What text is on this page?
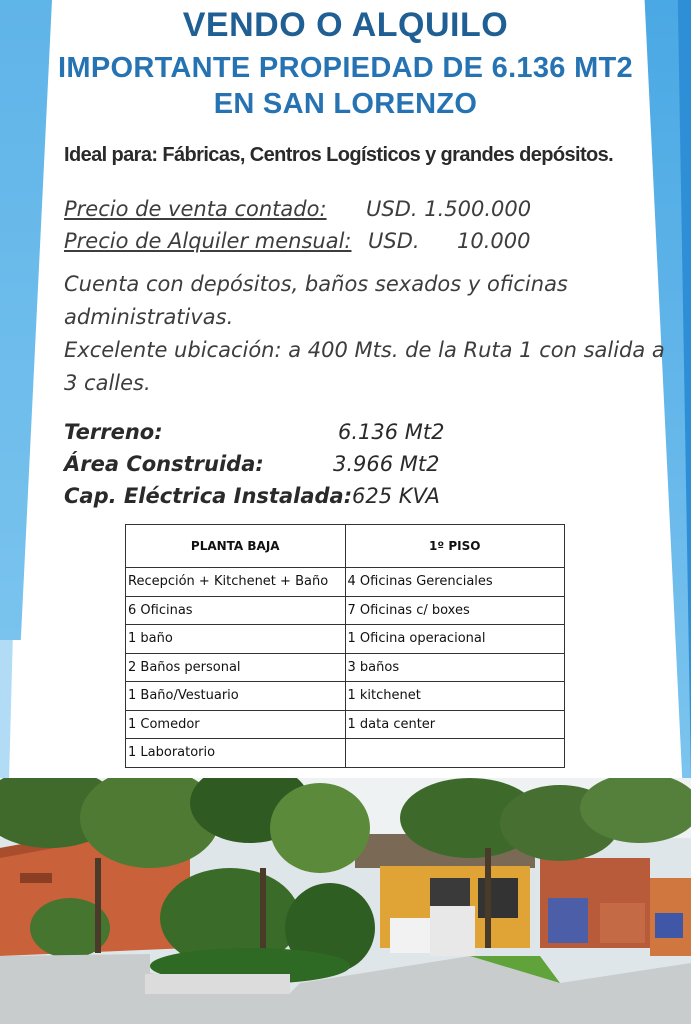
VENDO O ALQUILO
IMPORTANTE PROPIEDAD DE 6.136 MT2
EN SAN LORENZO
Ideal para: Fábricas, Centros Logísticos y grandes depósitos.
Precio de venta contado: USD. 1.500.000
Precio de Alquiler mensual: USD. 10.000
Cuenta con depósitos, baños sexados y oficinas
administrativas.
Excelente ubicación: a 400 Mts. de la Ruta 1 con salida a
3 calles.
Terreno:	6.136 Mt2
Área Construida:	3.966 Mt2
Cap. Eléctrica Instalada: 625 KVA
PLANTA BAJA	1º PISO
Recepción + Kitchenet + Baño	4 Oficinas Gerenciales
6 Oficinas	7 Oficinas c/ boxes
1 baño	1 Oficina operacional
2 Baños personal	3 baños
1 Baño/Vestuario	1 kitchenet
1 Comedor	1 data center
1 Laboratorio	
